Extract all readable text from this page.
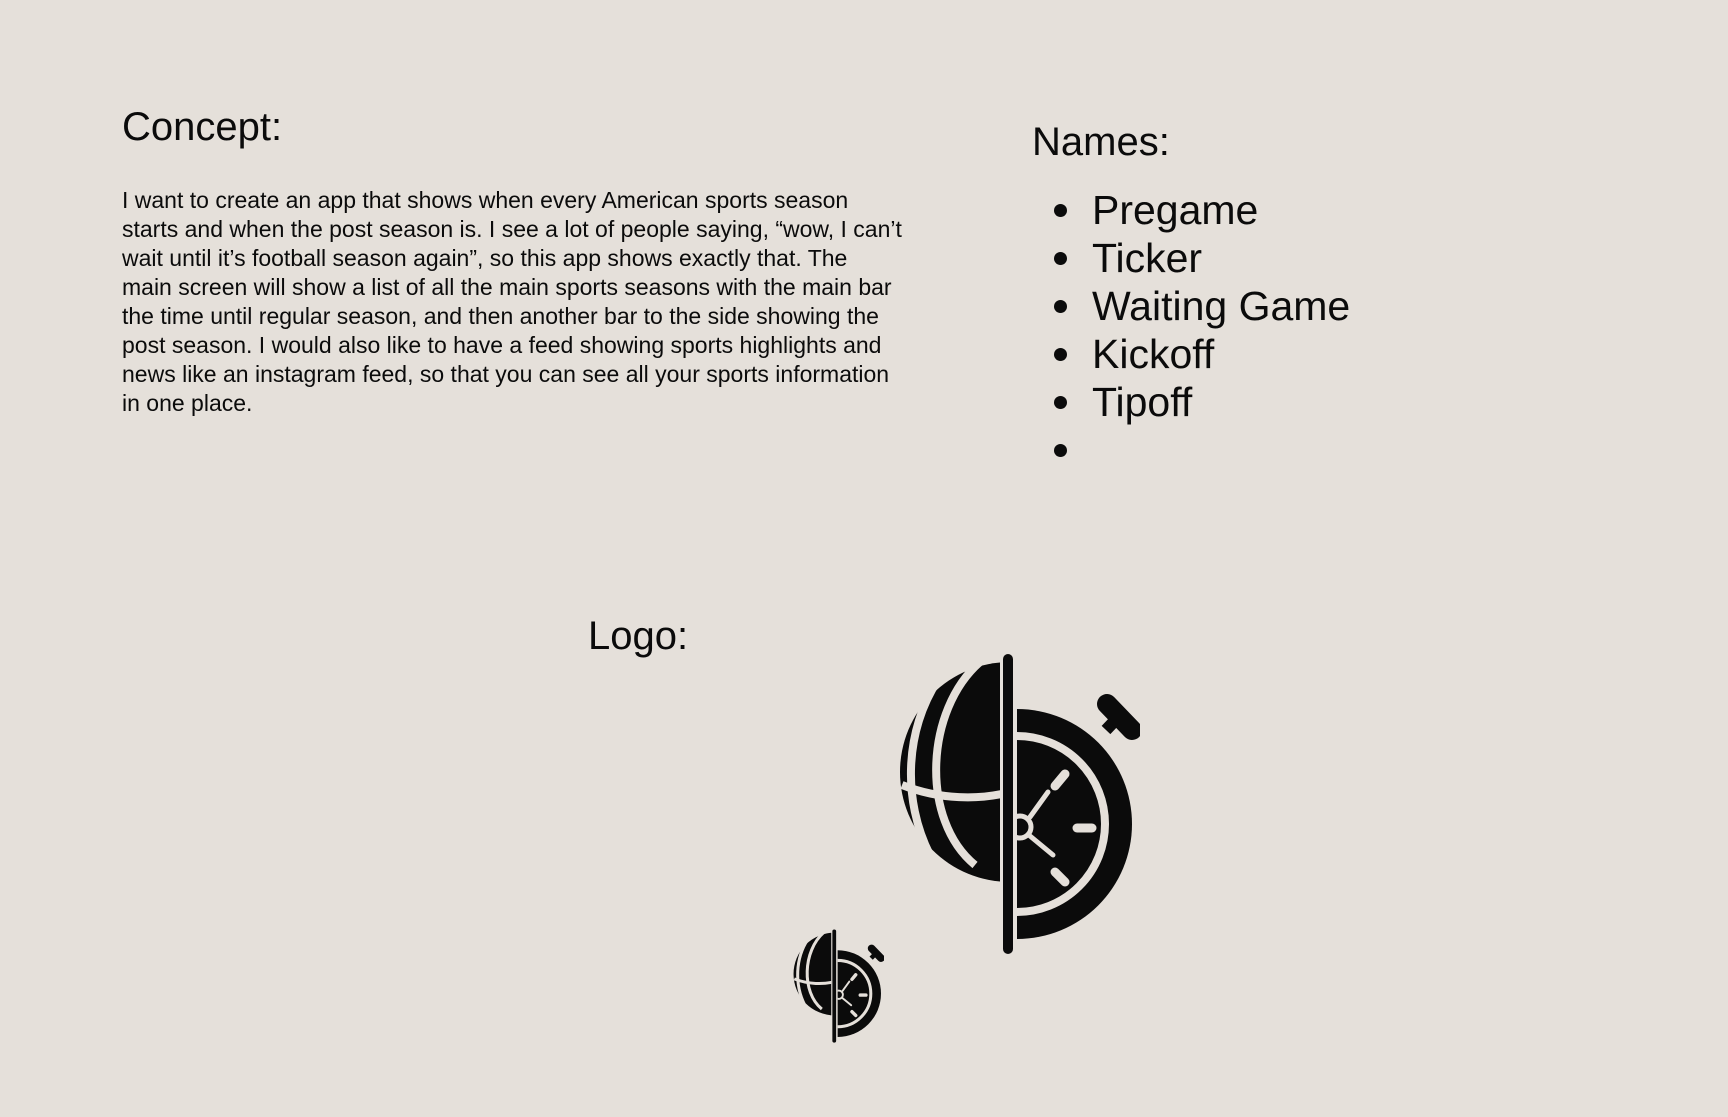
Concept:

I want to create an app that shows when every American sports season starts and when the post season is. I see a lot of people saying, “wow, I can’t wait until it’s football season again”, so this app shows exactly that. The main screen will show a list of all the main sports seasons with the main bar the time until regular season, and then another bar to the side showing the post season. I would also like to have a feed showing sports highlights and news like an instagram feed, so that you can see all your sports information in one place.

Names:
Pregame
Ticker
Waiting Game
Kickoff
Tipoff
Logo:
